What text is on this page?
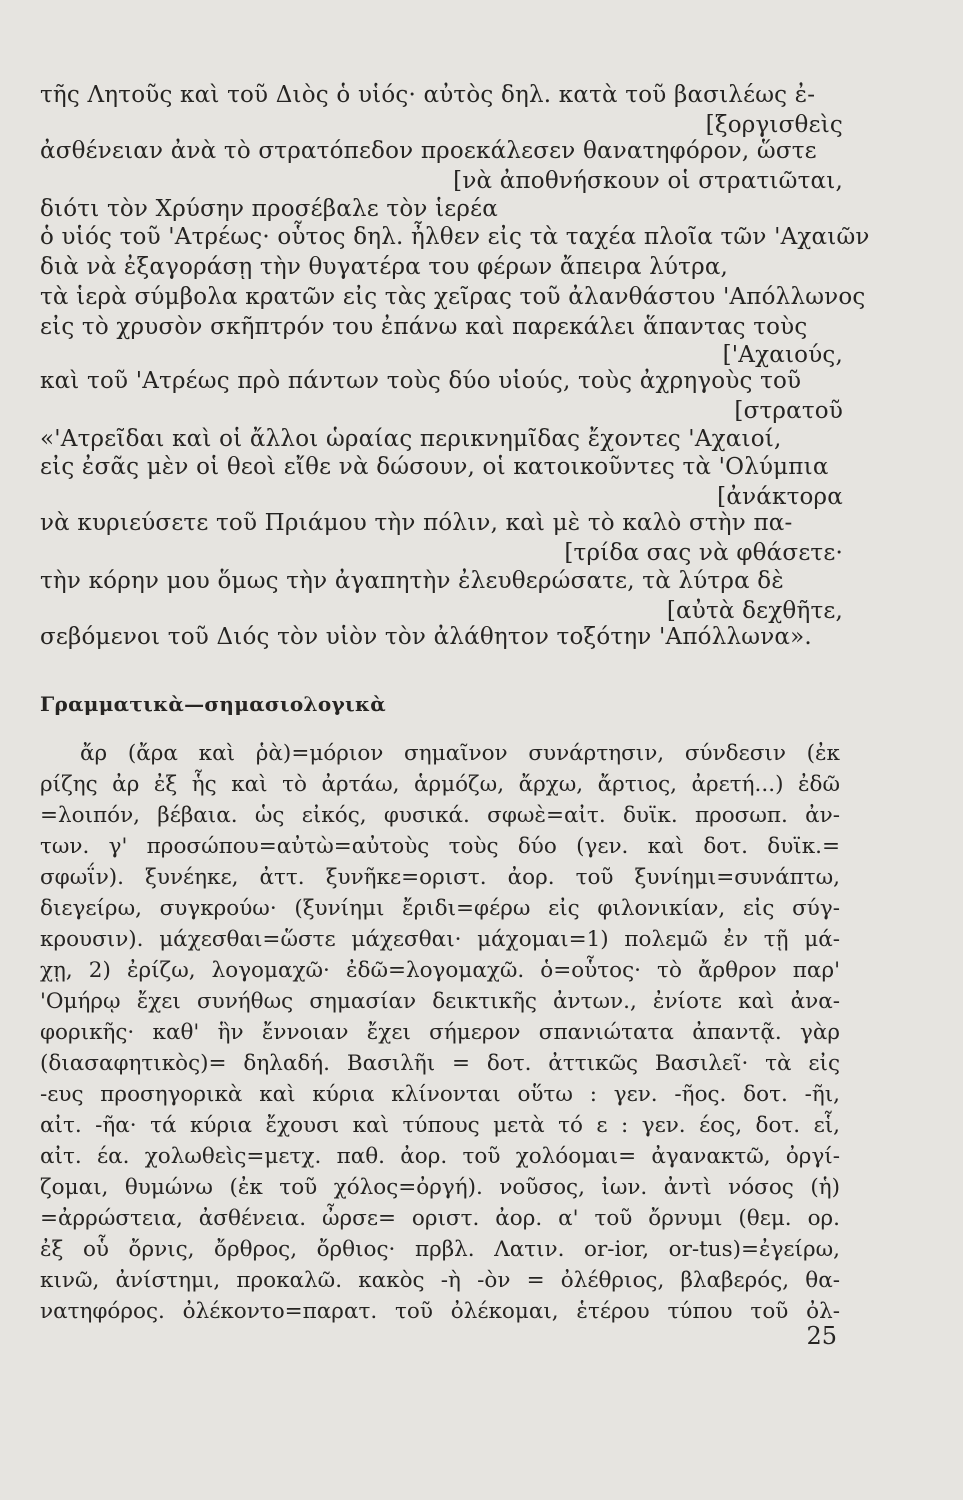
τῆς Λητοῦς καὶ τοῦ Διὸς ὁ υἱός· αὐτὸς δηλ. κατὰ τοῦ βασιλέως ἐ-
[ξοργισθεὶς
ἀσθένειαν ἀνὰ τὸ στρατόπεδον προεκάλεσεν θανατηφόρον, ὥστε
[νὰ ἀποθνήσκουν οἱ στρατιῶται,
διότι τὸν Χρύσην προσέβαλε τὸν ἱερέα
ὁ υἱός τοῦ 'Ατρέως· οὗτος δηλ. ἦλθεν εἰς τὰ ταχέα πλοῖα τῶν 'Αχαιῶν
διὰ νὰ ἐξαγοράσῃ τὴν θυγατέρα του φέρων ἄπειρα λύτρα,
τὰ ἱερὰ σύμβολα κρατῶν εἰς τὰς χεῖρας τοῦ ἀλανθάστου 'Απόλλωνος
εἰς τὸ χρυσὸν σκῆπτρόν του ἐπάνω καὶ παρεκάλει ἅπαντας τοὺς
['Αχαιούς,
καὶ τοῦ 'Ατρέως πρὸ πάντων τοὺς δύο υἱούς, τοὺς ἀχρηγοὺς τοῦ
[στρατοῦ
«'Ατρεῖδαι καὶ οἱ ἄλλοι ὡραίας περικνημῖδας ἔχοντες 'Αχαιοί,
εἰς ἐσᾶς μὲν οἱ θεοὶ εἴθε νὰ δώσουν, οἱ κατοικοῦντες τὰ 'Ολύμπια
[ἀνάκτορα
νὰ κυριεύσετε τοῦ Πριάμου τὴν πόλιν, καὶ μὲ τὸ καλὸ στὴν πα-
[τρίδα σας νὰ φθάσετε·
τὴν κόρην μου ὅμως τὴν ἀγαπητὴν ἐλευθερώσατε, τὰ λύτρα δὲ
[αὐτὰ δεχθῆτε,
σεβόμενοι τοῦ Διός τὸν υἱὸν τὸν ἀλάθητον τοξότην 'Απόλλωνα».
Γραμματικὰ—σημασιολογικὰ
ἄρ (ἄρα καὶ ῥὰ)=μόριον σημαῖνον συνάρτησιν, σύνδεσιν (ἐκ
ρίζης ἀρ ἐξ ἧς καὶ τὸ ἀρτάω, ἁρμόζω, ἄρχω, ἄρτιος, ἀρετή...) ἐδῶ
=λοιπόν, βέβαια. ὡς εἰκός, φυσικά. σφωὲ=αἰτ. δυϊκ. προσωπ. ἀν-
των. γ' προσώπου=αὐτὼ=αὐτοὺς τοὺς δύο (γεν. καὶ δοτ. δυϊκ.=
σφωΐν). ξυνέηκε, ἀττ. ξυνῆκε=οριστ. ἀορ. τοῦ ξυνίημι=συνάπτω,
διεγείρω, συγκρούω· (ξυνίημι ἔριδι=φέρω εἰς φιλονικίαν, εἰς σύγ-
κρουσιν). μάχεσθαι=ὥστε μάχεσθαι· μάχομαι=1) πολεμῶ ἐν τῇ μά-
χῃ, 2) ἐρίζω, λογομαχῶ· ἐδῶ=λογομαχῶ. ὁ=οὗτος· τὸ ἄρθρον παρ'
'Ομήρῳ ἔχει συνήθως σημασίαν δεικτικῆς ἀντων., ἐνίοτε καὶ ἀνα-
φορικῆς· καθ' ἣν ἔννοιαν ἔχει σήμερον σπανιώτατα ἀπαντᾷ. γὰρ
(διασαφητικὸς)= δηλαδή. Βασιλῆι = δοτ. ἀττικῶς Βασιλεῖ· τὰ εἰς
-ευς προσηγορικὰ καὶ κύρια κλίνονται οὕτω : γεν. -ῆος. δοτ. -ῆι,
αἰτ. -ῆα· τά κύρια ἔχουσι καὶ τύπους μετὰ τό ε : γεν. έος, δοτ. εἷ,
αἰτ. έα. χολωθεὶς=μετχ. παθ. ἀορ. τοῦ χολόομαι= ἀγανακτῶ, ὀργί-
ζομαι, θυμώνω (ἐκ τοῦ χόλος=ὀργή). νοῦσος, ἰων. ἀντὶ νόσος (ἡ)
=ἀρρώστεια, ἀσθένεια. ὦρσε= οριστ. ἀορ. α' τοῦ ὄρνυμι (θεμ. ορ.
ἐξ οὗ ὄρνις, ὄρθρος, ὄρθιος· πρβλ. Λατιν. or-ior, or-tus)=ἐγείρω,
κινῶ, ἀνίστημι, προκαλῶ. κακὸς -ὴ -ὸν = ὀλέθριος, βλαβερός, θα-
νατηφόρος. ὀλέκοντο=παρατ. τοῦ ὀλέκομαι, ἑτέρου τύπου τοῦ ὀλ-
25
